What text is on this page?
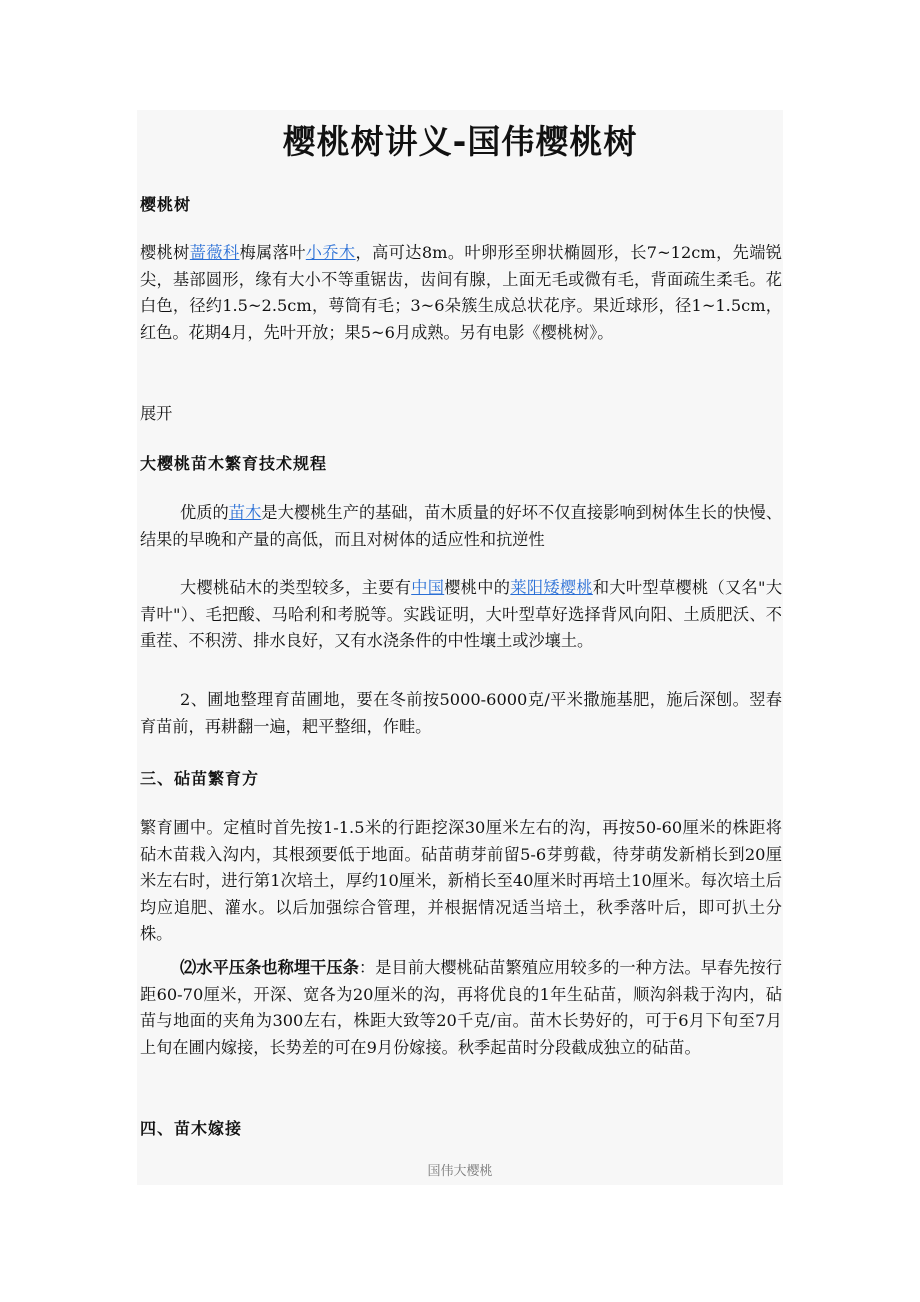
樱桃树讲义-国伟樱桃树
樱桃树
樱桃树蔷薇科梅属落叶小乔木，高可达8m。叶卵形至卵状椭圆形，长7~12cm，先端锐尖，基部圆形，缘有大小不等重锯齿，齿间有腺，上面无毛或微有毛，背面疏生柔毛。花白色，径约1.5~2.5cm，萼筒有毛；3~6朵簇生成总状花序。果近球形，径1~1.5cm，红色。花期4月，先叶开放；果5~6月成熟。另有电影《樱桃树》。
展开
大樱桃苗木繁育技术规程
优质的苗木是大樱桃生产的基础，苗木质量的好坏不仅直接影响到树体生长的快慢、结果的早晚和产量的高低，而且对树体的适应性和抗逆性
大樱桃砧木的类型较多，主要有中国樱桃中的莱阳矮樱桃和大叶型草樱桃（又名"大青叶"）、毛把酸、马哈利和考脱等。实践证明，大叶型草好选择背风向阳、土质肥沃、不重茬、不积涝、排水良好，又有水浇条件的中性壤土或沙壤土。
2、圃地整理育苗圃地，要在冬前按5000-6000克/平米撒施基肥，施后深刨。翌春育苗前，再耕翻一遍，耙平整细，作畦。
三、砧苗繁育方
繁育圃中。定植时首先按1-1.5米的行距挖深30厘米左右的沟，再按50-60厘米的株距将砧木苗栽入沟内，其根颈要低于地面。砧苗萌芽前留5-6芽剪截，待芽萌发新梢长到20厘米左右时，进行第1次培土，厚约10厘米，新梢长至40厘米时再培土10厘米。每次培土后均应追肥、灌水。以后加强综合管理，并根据情况适当培土，秋季落叶后，即可扒土分株。
⑵水平压条也称埋干压条：是目前大樱桃砧苗繁殖应用较多的一种方法。早春先按行距60-70厘米，开深、宽各为20厘米的沟，再将优良的1年生砧苗，顺沟斜栽于沟内，砧苗与地面的夹角为300左右，株距大致等20千克/亩。苗木长势好的，可于6月下旬至7月上旬在圃内嫁接，长势差的可在9月份嫁接。秋季起苗时分段截成独立的砧苗。
四、苗木嫁接
国伟大樱桃
